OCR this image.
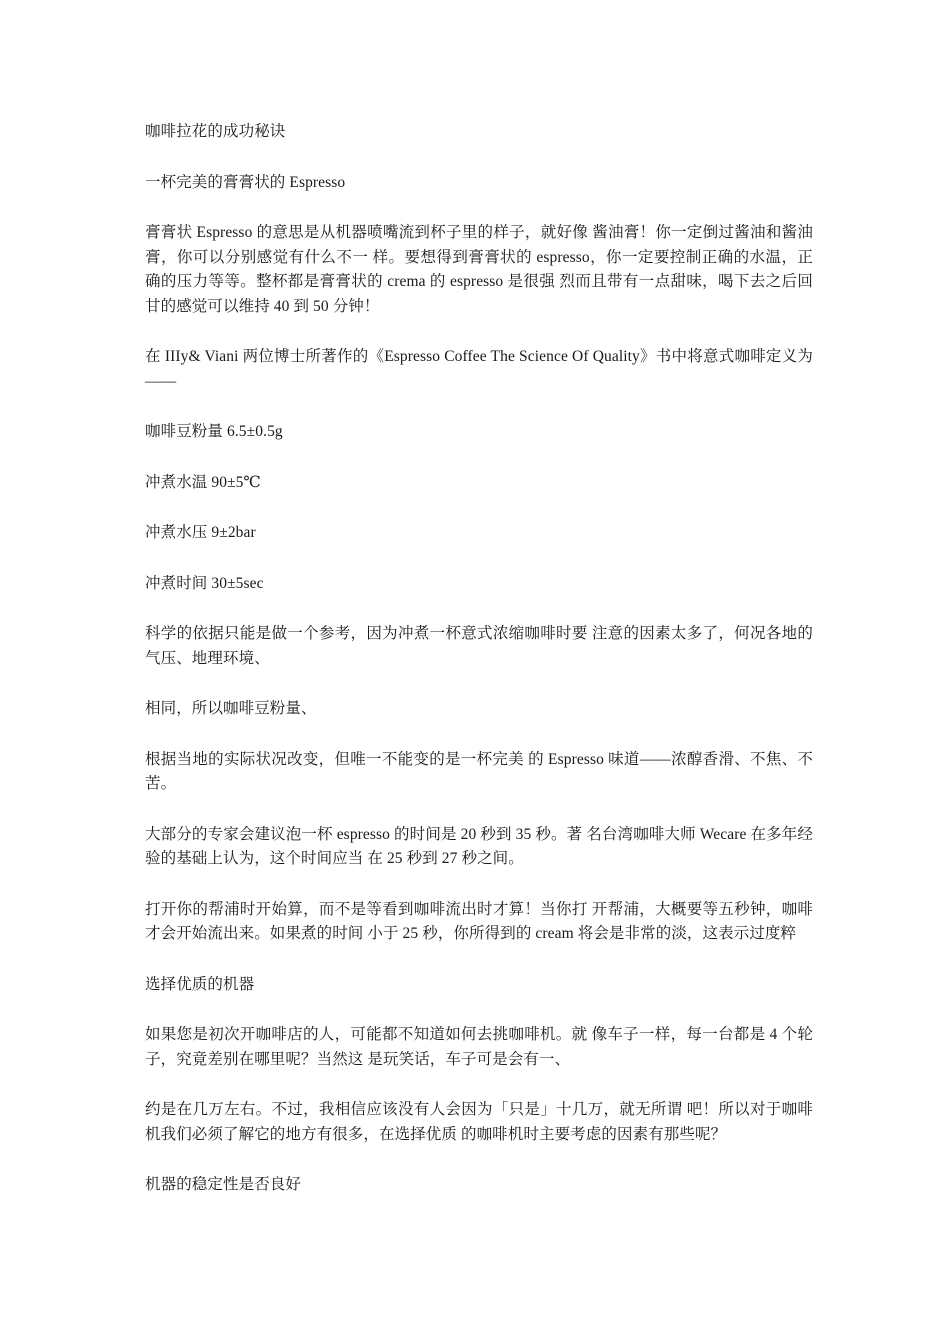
咖啡拉花的成功秘诀

一杯完美的膏膏状的 Espresso

膏膏状 Espresso 的意思是从机器喷嘴流到杯子里的样子，就好像 酱油膏！你一定倒过酱油和酱油膏，你可以分别感觉有什么不一 样。要想得到膏膏状的 espresso，你一定要控制正确的水温，正确的压力等等。整杯都是膏膏状的 crema 的 espresso 是很强 烈而且带有一点甜味，喝下去之后回甘的感觉可以维持 40 到 50 分钟！

在 IIIy& Viani 两位博士所著作的《Espresso Coffee The Science Of Quality》书中将意式咖啡定义为——

咖啡豆粉量 6.5±0.5g

冲煮水温 90±5℃

冲煮水压 9±2bar

冲煮时间 30±5sec

科学的依据只能是做一个参考，因为冲煮一杯意式浓缩咖啡时要 注意的因素太多了，何况各地的气压、地理环境、

相同，所以咖啡豆粉量、

根据当地的实际状况改变，但唯一不能变的是一杯完美 的 Espresso 味道——浓醇香滑、不焦、不苦。

大部分的专家会建议泡一杯 espresso 的时间是 20 秒到 35 秒。著 名台湾咖啡大师 Wecare 在多年经验的基础上认为，这个时间应当 在 25 秒到 27 秒之间。

打开你的帮浦时开始算，而不是等看到咖啡流出时才算！当你打 开帮浦，大概要等五秒钟，咖啡才会开始流出来。如果煮的时间 小于 25 秒，你所得到的 cream 将会是非常的淡，这表示过度粹

选择优质的机器

如果您是初次开咖啡店的人，可能都不知道如何去挑咖啡机。就 像车子一样，每一台都是 4 个轮子，究竟差别在哪里呢？当然这 是玩笑话，车子可是会有一、

约是在几万左右。不过，我相信应该没有人会因为「只是」十几万，就无所谓 吧！所以对于咖啡机我们必须了解它的地方有很多，在选择优质 的咖啡机时主要考虑的因素有那些呢？

机器的稳定性是否良好
